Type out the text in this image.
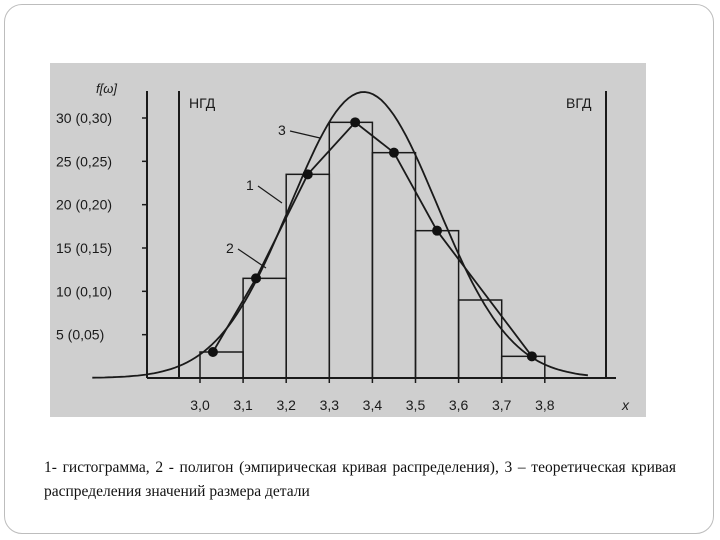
5 (0,05)
10 (0,10)
15 (0,15)
20 (0,20)
25 (0,25)
30 (0,30)
f[ω]
3,0 3,1 3,2 3,3 3,4 3,5 3,6 3,7 3,8	x
НГД	ВГД
3
1
2
1- гистограмма, 2 - полигон (эмпирическая кривая распределения), 3 – теоретическая кривая распределения значений размера детали
